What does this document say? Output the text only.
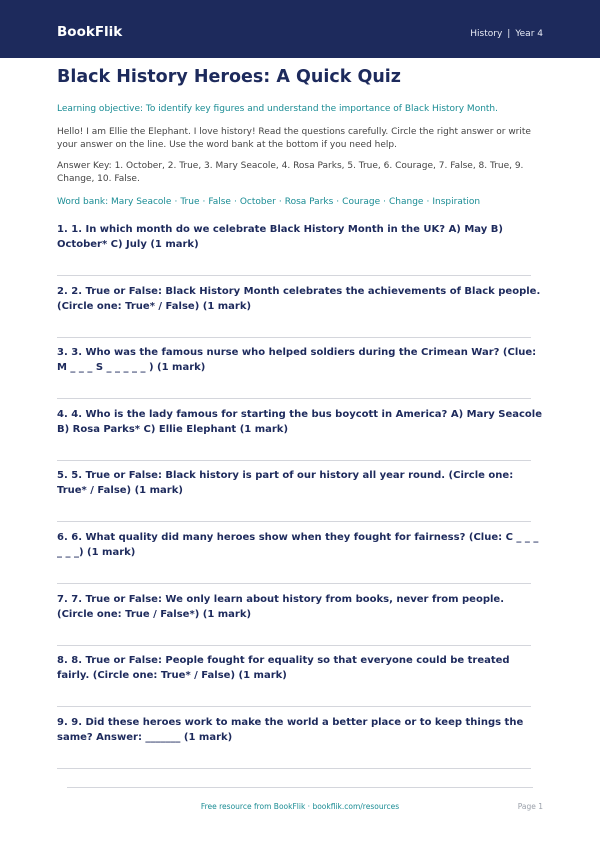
BookFlik	History | Year 4
Black History Heroes: A Quick Quiz

Learning objective: To identify key figures and understand the importance of Black History Month.

Hello! I am Ellie the Elephant. I love history! Read the questions carefully. Circle the right answer or write your answer on the line. Use the word bank at the bottom if you need help.

Answer Key: 1. October, 2. True, 3. Mary Seacole, 4. Rosa Parks, 5. True, 6. Courage, 7. False, 8. True, 9. Change, 10. False.

Word bank: Mary Seacole · True · False · October · Rosa Parks · Courage · Change · Inspiration

1. 1. In which month do we celebrate Black History Month in the UK? A) May B) October* C) July (1 mark)
2. 2. True or False: Black History Month celebrates the achievements of Black people. (Circle one: True* / False) (1 mark)
3. 3. Who was the famous nurse who helped soldiers during the Crimean War? (Clue: M _ _ _ S _ _ _ _ _ ) (1 mark)
4. 4. Who is the lady famous for starting the bus boycott in America? A) Mary Seacole B) Rosa Parks* C) Ellie Elephant (1 mark)
5. 5. True or False: Black history is part of our history all year round. (Circle one: True* / False) (1 mark)
6. 6. What quality did many heroes show when they fought for fairness? (Clue: C _ _ _ _ _ _) (1 mark)
7. 7. True or False: We only learn about history from books, never from people. (Circle one: True / False*) (1 mark)
8. 8. True or False: People fought for equality so that everyone could be treated fairly. (Circle one: True* / False) (1 mark)
9. 9. Did these heroes work to make the world a better place or to keep things the same? Answer: _______ (1 mark)
Free resource from BookFlik · bookflik.com/resources	Page 1
